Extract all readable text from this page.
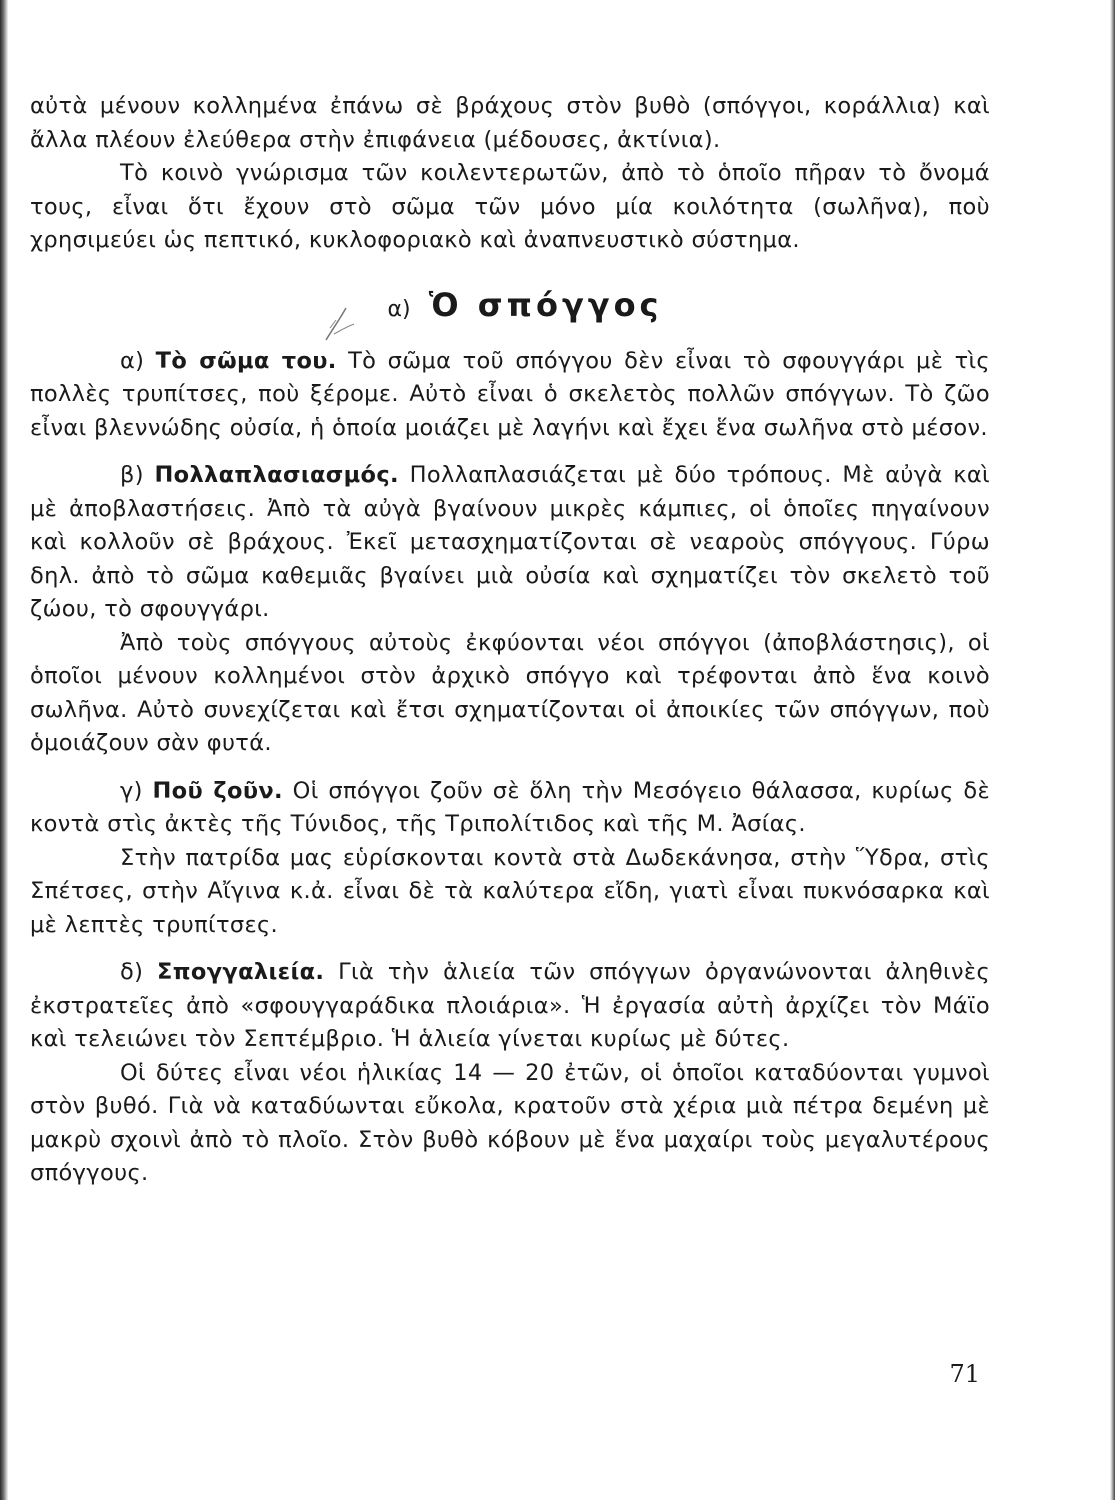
αὐτὰ μένουν κολλημένα ἐπάνω σὲ βράχους στὸν βυθὸ (σπόγγοι, κοράλλια) καὶ ἄλλα πλέουν ἐλεύθερα στὴν ἐπιφάνεια (μέδουσες, ἀκτίνια).

Τὸ κοινὸ γνώρισμα τῶν κοιλεντερωτῶν, ἀπὸ τὸ ὁποῖο πῆραν τὸ ὄνομά τους, εἶναι ὅτι ἔχουν στὸ σῶμα τῶν μόνο μία κοιλότητα (σωλῆνα), ποὺ χρησιμεύει ὡς πεπτικό, κυκλοφοριακὸ καὶ ἀναπνευστικὸ σύστημα.

α) Ὁ σπόγγος

α) Τὸ σῶμα του. Τὸ σῶμα τοῦ σπόγγου δὲν εἶναι τὸ σφουγγάρι μὲ τὶς πολλὲς τρυπίτσες, ποὺ ξέρομε. Αὐτὸ εἶναι ὁ σκελετὸς πολλῶν σπόγγων. Τὸ ζῶο εἶναι βλεννώδης οὐσία, ἡ ὁποία μοιάζει μὲ λαγήνι καὶ ἔχει ἕνα σωλῆνα στὸ μέσον.

β) Πολλαπλασιασμός. Πολλαπλασιάζεται μὲ δύο τρόπους. Μὲ αὐγὰ καὶ μὲ ἀποβλαστήσεις. Ἀπὸ τὰ αὐγὰ βγαίνουν μικρὲς κάμπιες, οἱ ὁποῖες πηγαίνουν καὶ κολλοῦν σὲ βράχους. Ἐκεῖ μετασχηματίζονται σὲ νεαροὺς σπόγγους. Γύρω δηλ. ἀπὸ τὸ σῶμα καθεμιᾶς βγαίνει μιὰ οὐσία καὶ σχηματίζει τὸν σκελετὸ τοῦ ζώου, τὸ σφουγγάρι.

Ἀπὸ τοὺς σπόγγους αὐτοὺς ἐκφύονται νέοι σπόγγοι (ἀποβλάστησις), οἱ ὁποῖοι μένουν κολλημένοι στὸν ἀρχικὸ σπόγγο καὶ τρέφονται ἀπὸ ἕνα κοινὸ σωλῆνα. Αὐτὸ συνεχίζεται καὶ ἔτσι σχηματίζονται οἱ ἀποικίες τῶν σπόγγων, ποὺ ὁμοιάζουν σὰν φυτά.

γ) Ποῦ ζοῦν. Οἱ σπόγγοι ζοῦν σὲ ὅλη τὴν Μεσόγειο θάλασσα, κυρίως δὲ κοντὰ στὶς ἀκτὲς τῆς Τύνιδος, τῆς Τριπολίτιδος καὶ τῆς Μ. Ἀσίας.

Στὴν πατρίδα μας εὑρίσκονται κοντὰ στὰ Δωδεκάνησα, στὴν Ὕδρα, στὶς Σπέτσες, στὴν Αἴγινα κ.ἀ. εἶναι δὲ τὰ καλύτερα εἴδη, γιατὶ εἶναι πυκνόσαρκα καὶ μὲ λεπτὲς τρυπίτσες.

δ) Σπογγαλιεία. Γιὰ τὴν ἁλιεία τῶν σπόγγων ὀργανώνονται ἀληθινὲς ἐκστρατεῖες ἀπὸ «σφουγγαράδικα πλοιάρια». Ἡ ἐργασία αὐτὴ ἀρχίζει τὸν Μάϊο καὶ τελειώνει τὸν Σεπτέμβριο. Ἡ ἁλιεία γίνεται κυρίως μὲ δύτες.

Οἱ δύτες εἶναι νέοι ἡλικίας 14 — 20 ἐτῶν, οἱ ὁποῖοι καταδύονται γυμνοὶ στὸν βυθό. Γιὰ νὰ καταδύωνται εὔκολα, κρατοῦν στὰ χέρια μιὰ πέτρα δεμένη μὲ μακρὺ σχοινὶ ἀπὸ τὸ πλοῖο. Στὸν βυθὸ κόβουν μὲ ἕνα μαχαίρι τοὺς μεγαλυτέρους σπόγγους.

71
